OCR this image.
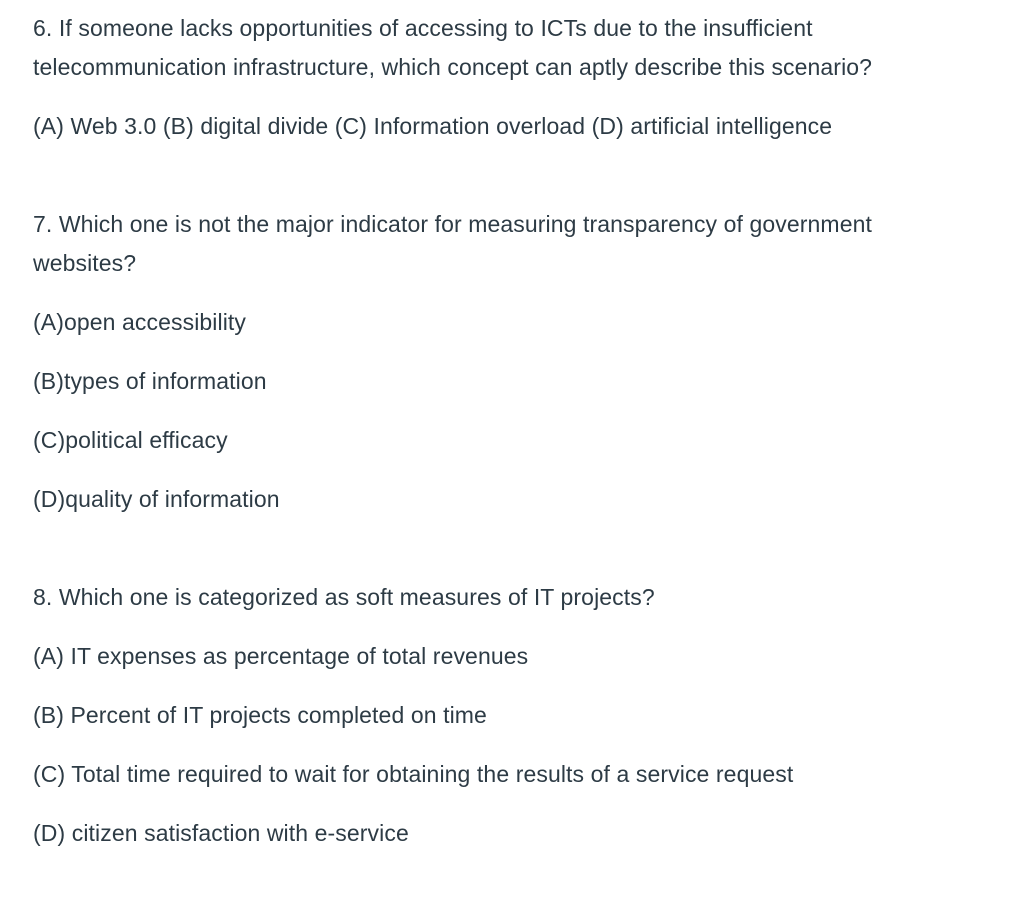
6. If someone lacks opportunities of accessing to ICTs due to the insufficient
telecommunication infrastructure, which concept can aptly describe this scenario?
(A) Web 3.0 (B) digital divide (C) Information overload (D) artificial intelligence
7. Which one is not the major indicator for measuring transparency of government
websites?
(A)open accessibility
(B)types of information
(C)political efficacy
(D)quality of information
8. Which one is categorized as soft measures of IT projects?
(A) IT expenses as percentage of total revenues
(B) Percent of IT projects completed on time
(C) Total time required to wait for obtaining the results of a service request
(D) citizen satisfaction with e-service
